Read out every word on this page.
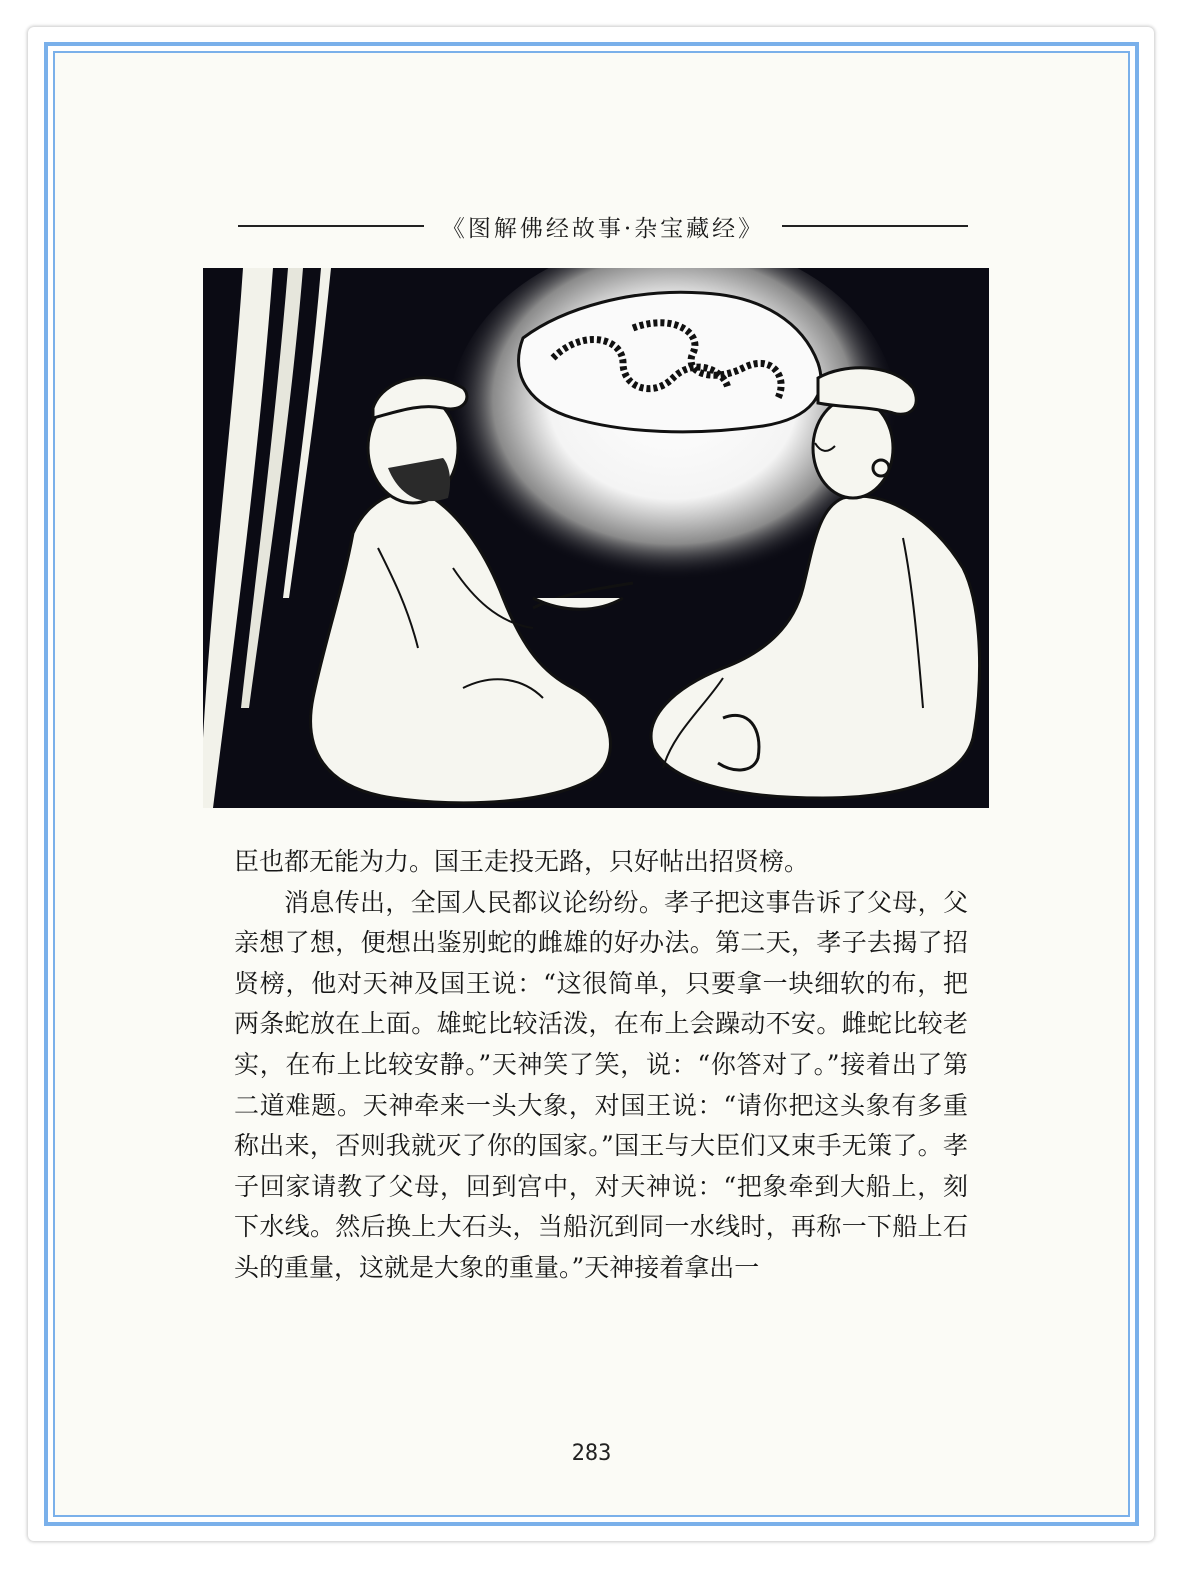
《图解佛经故事·杂宝藏经》

臣也都无能为力。国王走投无路，只好帖出招贤榜。

消息传出，全国人民都议论纷纷。孝子把这事告诉了父母，父亲想了想，便想出鉴别蛇的雌雄的好办法。第二天，孝子去揭了招贤榜，他对天神及国王说：“这很简单，只要拿一块细软的布，把两条蛇放在上面。雄蛇比较活泼，在布上会躁动不安。雌蛇比较老实，在布上比较安静。”天神笑了笑，说：“你答对了。”接着出了第二道难题。天神牵来一头大象，对国王说：“请你把这头象有多重称出来，否则我就灭了你的国家。”国王与大臣们又束手无策了。孝子回家请教了父母，回到宫中，对天神说：“把象牵到大船上，刻下水线。然后换上大石头，当船沉到同一水线时，再称一下船上石头的重量，这就是大象的重量。”天神接着拿出一

283
